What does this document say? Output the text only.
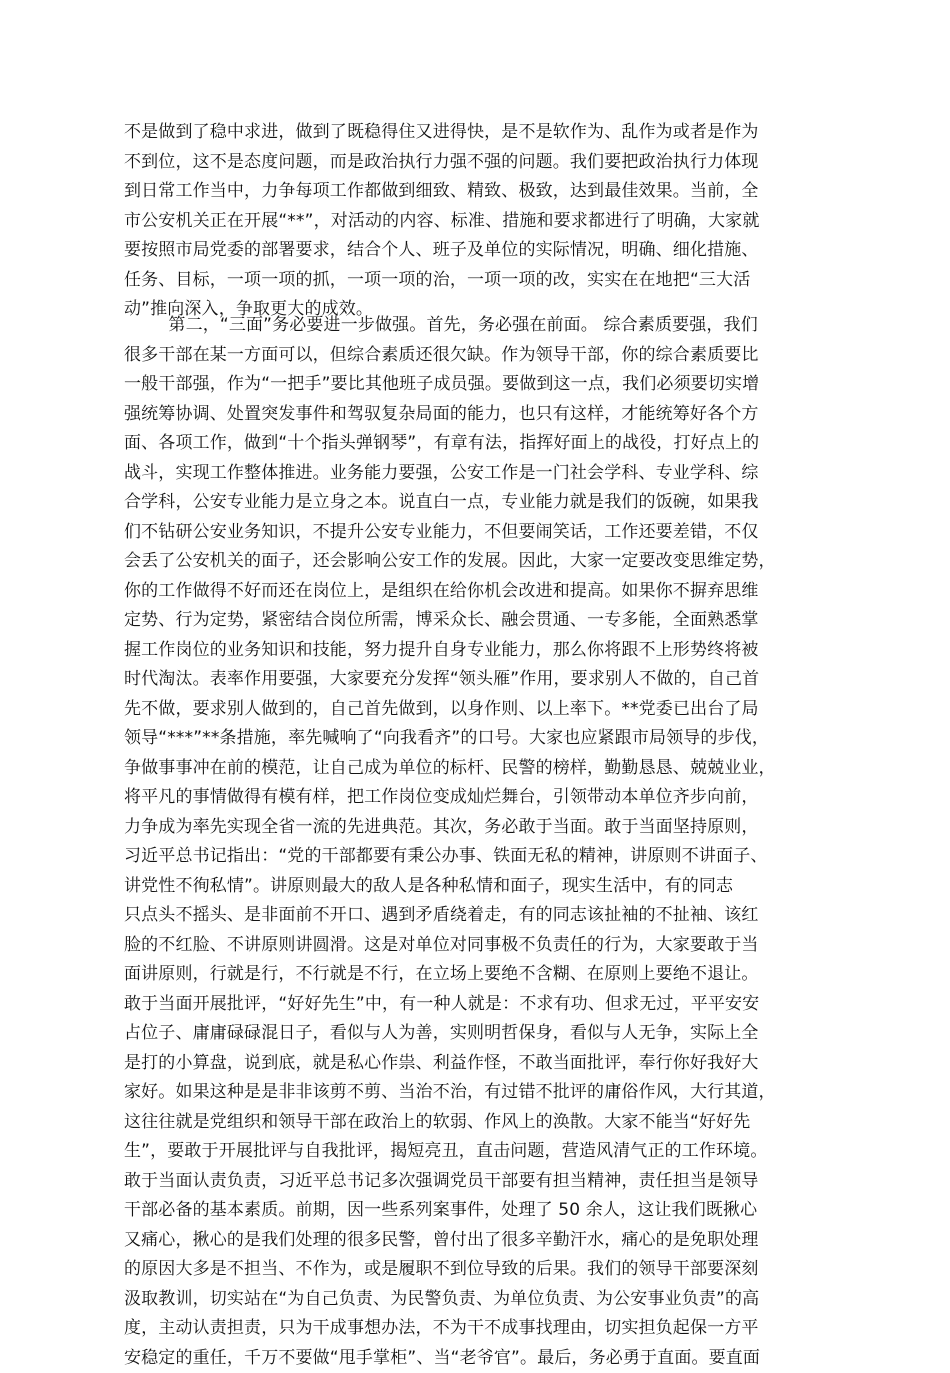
不是做到了稳中求进，做到了既稳得住又进得快，是不是软作为、乱作为或者是作为
不到位，这不是态度问题，而是政治执行力强不强的问题。我们要把政治执行力体现
到日常工作当中，力争每项工作都做到细致、精致、极致，达到最佳效果。当前，全
市公安机关正在开展“**”，对活动的内容、标准、措施和要求都进行了明确，大家就
要按照市局党委的部署要求，结合个人、班子及单位的实际情况，明确、细化措施、
任务、目标，一项一项的抓，一项一项的治，一项一项的改，实实在在地把“三大活
动”推向深入，争取更大的成效。
第二，“三面”务必要进一步做强。首先，务必强在前面。 综合素质要强，我们
很多干部在某一方面可以，但综合素质还很欠缺。作为领导干部，你的综合素质要比
一般干部强，作为“一把手”要比其他班子成员强。要做到这一点，我们必须要切实增
强统筹协调、处置突发事件和驾驭复杂局面的能力，也只有这样，才能统筹好各个方
面、各项工作，做到“十个指头弹钢琴”，有章有法，指挥好面上的战役，打好点上的
战斗，实现工作整体推进。业务能力要强，公安工作是一门社会学科、专业学科、综
合学科，公安专业能力是立身之本。说直白一点，专业能力就是我们的饭碗，如果我
们不钻研公安业务知识，不提升公安专业能力，不但要闹笑话，工作还要差错，不仅
会丢了公安机关的面子，还会影响公安工作的发展。因此，大家一定要改变思维定势，
你的工作做得不好而还在岗位上，是组织在给你机会改进和提高。如果你不摒弃思维
定势、行为定势，紧密结合岗位所需，博采众长、融会贯通、一专多能，全面熟悉掌
握工作岗位的业务知识和技能，努力提升自身专业能力，那么你将跟不上形势终将被
时代淘汰。表率作用要强，大家要充分发挥“领头雁”作用，要求别人不做的，自己首
先不做，要求别人做到的，自己首先做到，以身作则、以上率下。**党委已出台了局
领导“***”**条措施，率先喊响了“向我看齐”的口号。大家也应紧跟市局领导的步伐，
争做事事冲在前的模范，让自己成为单位的标杆、民警的榜样，勤勤恳恳、兢兢业业，
将平凡的事情做得有模有样，把工作岗位变成灿烂舞台，引领带动本单位齐步向前，
力争成为率先实现全省一流的先进典范。其次，务必敢于当面。敢于当面坚持原则，
习近平总书记指出：“党的干部都要有秉公办事、铁面无私的精神，讲原则不讲面子、
讲党性不徇私情”。讲原则最大的敌人是各种私情和面子，现实生活中，有的同志
只点头不摇头、是非面前不开口、遇到矛盾绕着走，有的同志该扯袖的不扯袖、该红
脸的不红脸、不讲原则讲圆滑。这是对单位对同事极不负责任的行为，大家要敢于当
面讲原则，行就是行，不行就是不行，在立场上要绝不含糊、在原则上要绝不退让。
敢于当面开展批评，“好好先生”中，有一种人就是：不求有功、但求无过，平平安安
占位子、庸庸碌碌混日子，看似与人为善，实则明哲保身，看似与人无争，实际上全
是打的小算盘，说到底，就是私心作祟、利益作怪，不敢当面批评，奉行你好我好大
家好。如果这种是是非非该剪不剪、当治不治，有过错不批评的庸俗作风，大行其道，
这往往就是党组织和领导干部在政治上的软弱、作风上的涣散。大家不能当“好好先
生”，要敢于开展批评与自我批评，揭短亮丑，直击问题，营造风清气正的工作环境。
敢于当面认责负责，习近平总书记多次强调党员干部要有担当精神，责任担当是领导
干部必备的基本素质。前期，因一些系列案事件，处理了 50 余人，这让我们既揪心
又痛心，揪心的是我们处理的很多民警，曾付出了很多辛勤汗水，痛心的是免职处理
的原因大多是不担当、不作为，或是履职不到位导致的后果。我们的领导干部要深刻
汲取教训，切实站在“为自己负责、为民警负责、为单位负责、为公安事业负责”的高
度，主动认责担责，只为干成事想办法，不为干不成事找理由，切实担负起保一方平
安稳定的重任，千万不要做“甩手掌柜”、当“老爷官”。最后，务必勇于直面。要直面
